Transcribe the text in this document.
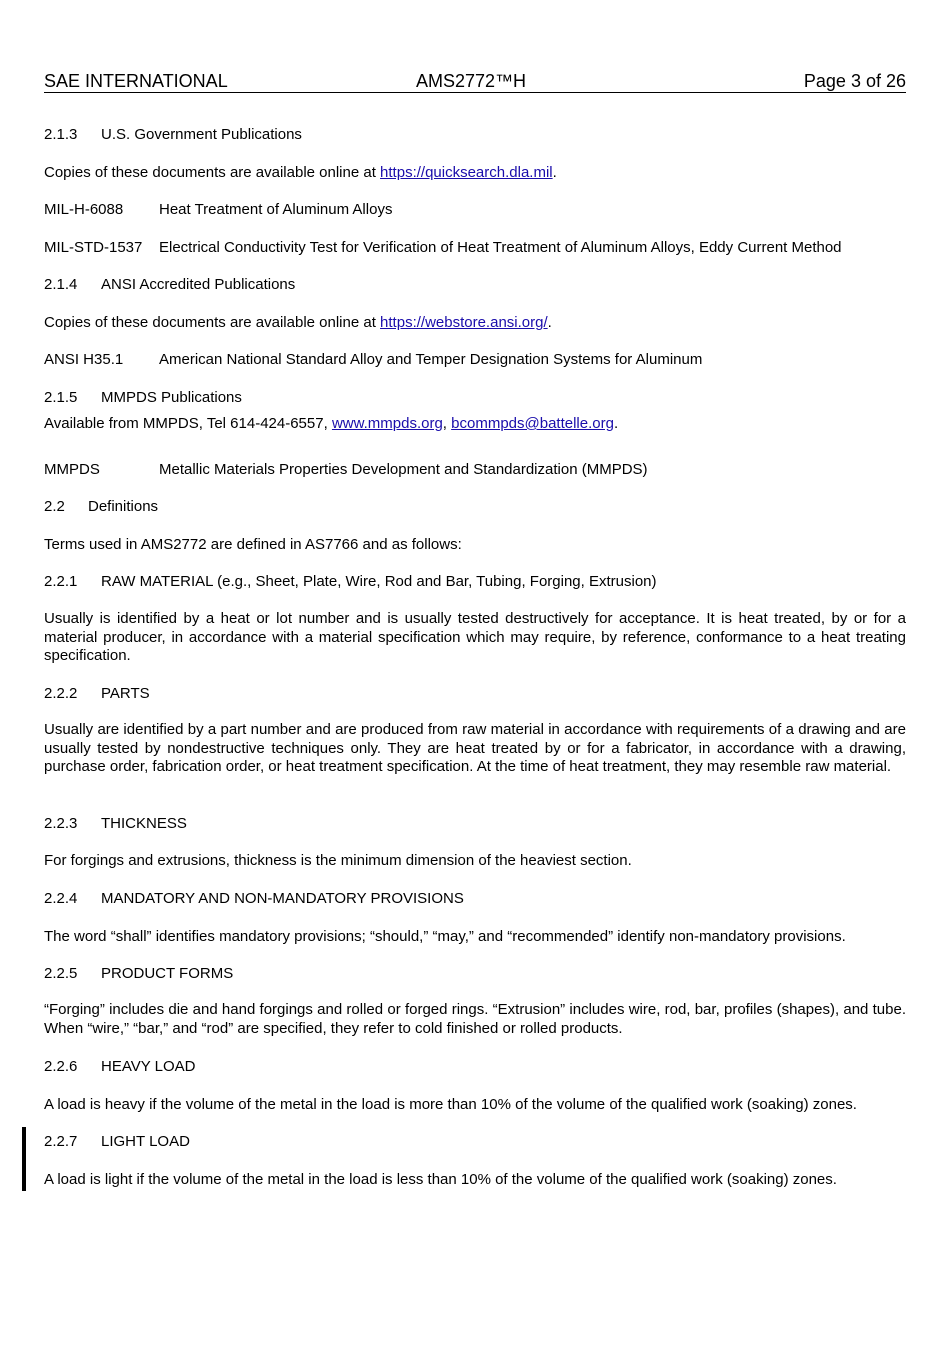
SAE INTERNATIONAL	AMS2772™H	Page 3 of 26
2.1.3 U.S. Government Publications
Copies of these documents are available online at https://quicksearch.dla.mil.
MIL-H-6088 Heat Treatment of Aluminum Alloys
MIL-STD-1537 Electrical Conductivity Test for Verification of Heat Treatment of Aluminum Alloys, Eddy Current Method
2.1.4 ANSI Accredited Publications
Copies of these documents are available online at https://webstore.ansi.org/.
ANSI H35.1 American National Standard Alloy and Temper Designation Systems for Aluminum
2.1.5 MMPDS Publications
Available from MMPDS, Tel 614-424-6557, www.mmpds.org, bcommpds@battelle.org.
MMPDS	Metallic Materials Properties Development and Standardization (MMPDS)
2.2 Definitions
Terms used in AMS2772 are defined in AS7766 and as follows:
2.2.1 RAW MATERIAL (e.g., Sheet, Plate, Wire, Rod and Bar, Tubing, Forging, Extrusion)
Usually is identified by a heat or lot number and is usually tested destructively for acceptance. It is heat treated, by or for a material producer, in accordance with a material specification which may require, by reference, conformance to a heat treating specification.
2.2.2 PARTS
Usually are identified by a part number and are produced from raw material in accordance with requirements of a drawing and are usually tested by nondestructive techniques only. They are heat treated by or for a fabricator, in accordance with a drawing, purchase order, fabrication order, or heat treatment specification. At the time of heat treatment, they may resemble raw material.
2.2.3 THICKNESS
For forgings and extrusions, thickness is the minimum dimension of the heaviest section.
2.2.4 MANDATORY AND NON-MANDATORY PROVISIONS
The word “shall” identifies mandatory provisions; “should,” “may,” and “recommended” identify non-mandatory provisions.
2.2.5 PRODUCT FORMS
“Forging” includes die and hand forgings and rolled or forged rings. “Extrusion” includes wire, rod, bar, profiles (shapes), and tube. When “wire,” “bar,” and “rod” are specified, they refer to cold finished or rolled products.
2.2.6 HEAVY LOAD
A load is heavy if the volume of the metal in the load is more than 10% of the volume of the qualified work (soaking) zones.
2.2.7 LIGHT LOAD
A load is light if the volume of the metal in the load is less than 10% of the volume of the qualified work (soaking) zones.
